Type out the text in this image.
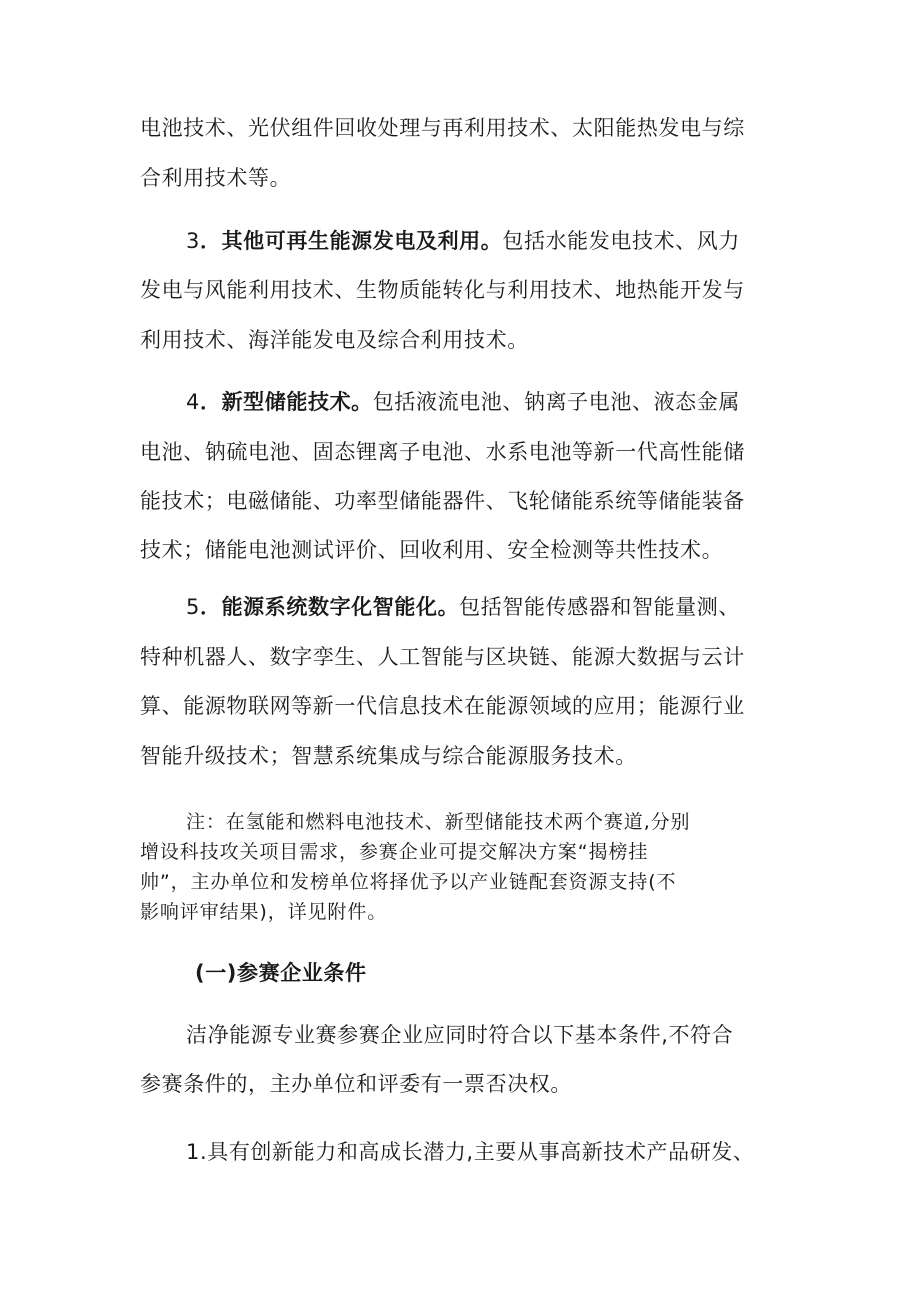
电池技术、光伏组件回收处理与再利用技术、太阳能热发电与综
合利用技术等。
3．其他可再生能源发电及利用。包括水能发电技术、风力
发电与风能利用技术、生物质能转化与利用技术、地热能开发与
利用技术、海洋能发电及综合利用技术。
4．新型储能技术。包括液流电池、钠离子电池、液态金属
电池、钠硫电池、固态锂离子电池、水系电池等新一代高性能储
能技术；电磁储能、功率型储能器件、飞轮储能系统等储能装备
技术；储能电池测试评价、回收利用、安全检测等共性技术。
5．能源系统数字化智能化。包括智能传感器和智能量测、
特种机器人、数字孪生、人工智能与区块链、能源大数据与云计
算、能源物联网等新一代信息技术在能源领域的应用；能源行业
智能升级技术；智慧系统集成与综合能源服务技术。
注：在氢能和燃料电池技术、新型储能技术两个赛道,分别
增设科技攻关项目需求，参赛企业可提交解决方案“揭榜挂
帅”，主办单位和发榜单位将择优予以产业链配套资源支持(不
影响评审结果)，详见附件。
(一)参赛企业条件
洁净能源专业赛参赛企业应同时符合以下基本条件,不符合
参赛条件的，主办单位和评委有一票否决权。
1.具有创新能力和高成长潜力,主要从事高新技术产品研发、
